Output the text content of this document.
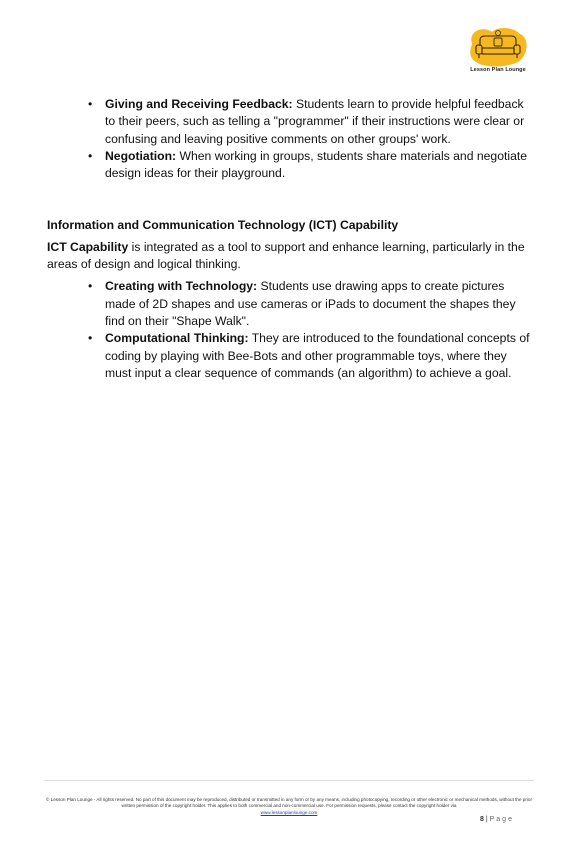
Lesson Plan Lounge
• Giving and Receiving Feedback: Students learn to provide helpful feedback to their peers, such as telling a "programmer" if their instructions were clear or confusing and leaving positive comments on other groups' work.
• Negotiation: When working in groups, students share materials and negotiate design ideas for their playground.
Information and Communication Technology (ICT) Capability
ICT Capability is integrated as a tool to support and enhance learning, particularly in the areas of design and logical thinking.
• Creating with Technology: Students use drawing apps to create pictures made of 2D shapes and use cameras or iPads to document the shapes they find on their "Shape Walk".
• Computational Thinking: They are introduced to the foundational concepts of coding by playing with Bee-Bots and other programmable toys, where they must input a clear sequence of commands (an algorithm) to achieve a goal.
© Lesson Plan Lounge - All rights reserved. No part of this document may be reproduced, distributed or transmitted in any form or by any means, including photocopying, recording or other electronic or mechanical methods, without the prior written permission of the copyright holder. This applies to both commercial and non-commercial use. For permission requests, please contact the copyright holder via
www.lessonplanlounge.com
8 | Page
